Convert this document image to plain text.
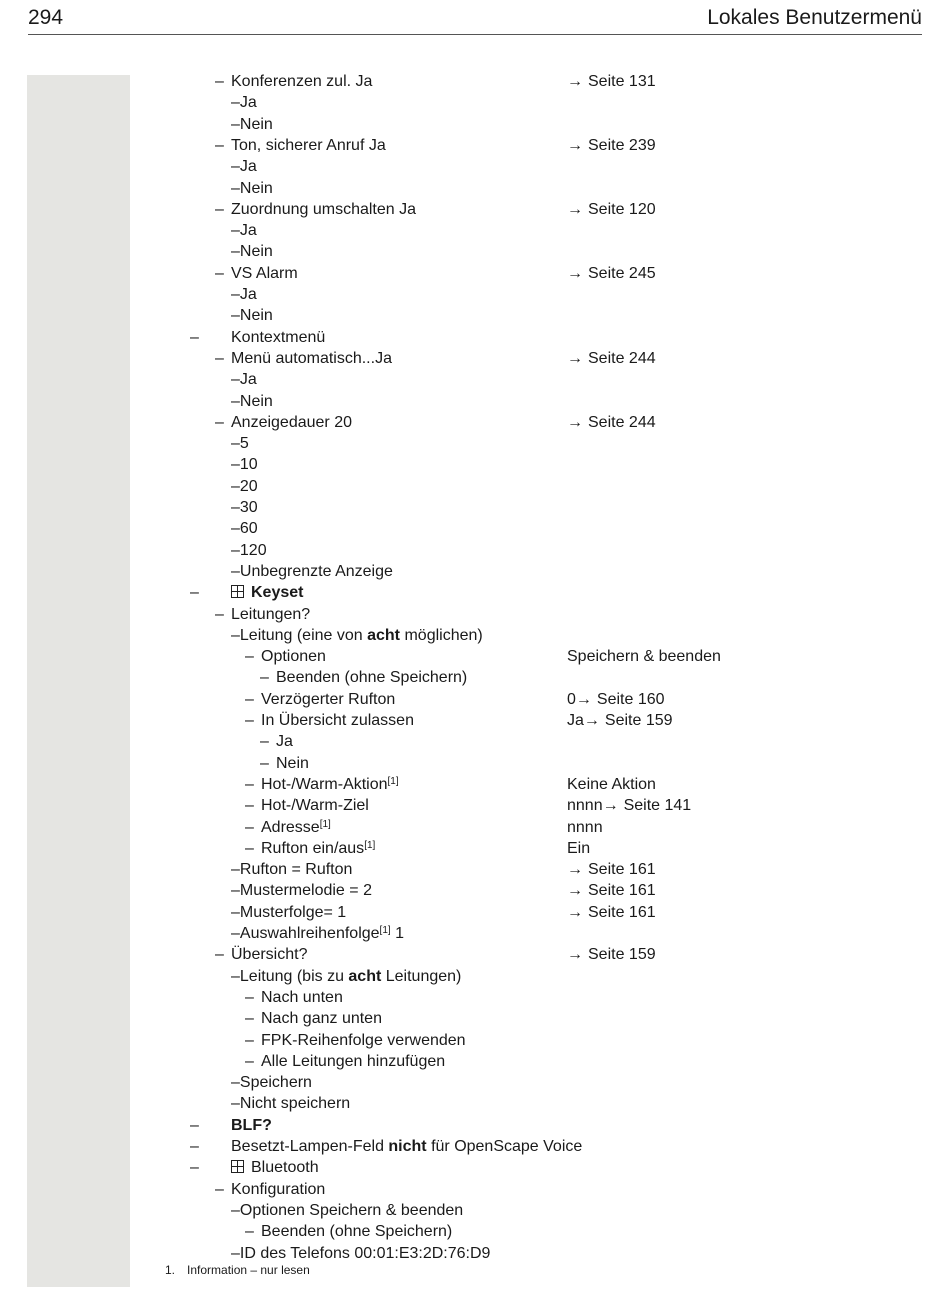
294	Lokales Benutzermenü
– Konferenzen zul. Ja	→ Seite 131
–Ja
–Nein
– Ton, sicherer Anruf Ja	→ Seite 239
–Ja
–Nein
– Zuordnung umschalten Ja	→ Seite 120
–Ja
–Nein
– VS Alarm	→ Seite 245
–Ja
–Nein
– Kontextmenü
– Menü automatisch...Ja	→ Seite 244
–Ja
–Nein
– Anzeigedauer 20	→ Seite 244
–5
–10
–20
–30
–60
–120
–Unbegrenzte Anzeige
–	Keyset
– Leitungen?
–Leitung (eine von acht möglichen)
– Optionen	Speichern & beenden
– Beenden (ohne Speichern)
– Verzögerter Rufton	0→ Seite 160
– In Übersicht zulassen	Ja→ Seite 159
– Ja
– Nein
– Hot-/Warm-Aktion[1]	Keine Aktion
– Hot-/Warm-Ziel	nnnn→ Seite 141
– Adresse[1]	nnnn
– Rufton ein/aus[1]	Ein
–Rufton = Rufton	→ Seite 161
–Mustermelodie = 2	→ Seite 161
–Musterfolge= 1	→ Seite 161
–Auswahlreihenfolge[1] 1
– Übersicht?	→ Seite 159
–Leitung (bis zu acht Leitungen)
– Nach unten
– Nach ganz unten
– FPK-Reihenfolge verwenden
– Alle Leitungen hinzufügen
–Speichern
–Nicht speichern
– BLF?
– Besetzt-Lampen-Feld nicht für OpenScape Voice
–	Bluetooth
– Konfiguration
–Optionen Speichern & beenden
– Beenden (ohne Speichern)
–ID des Telefons 00:01:E3:2D:76:D9
1. Information – nur lesen
